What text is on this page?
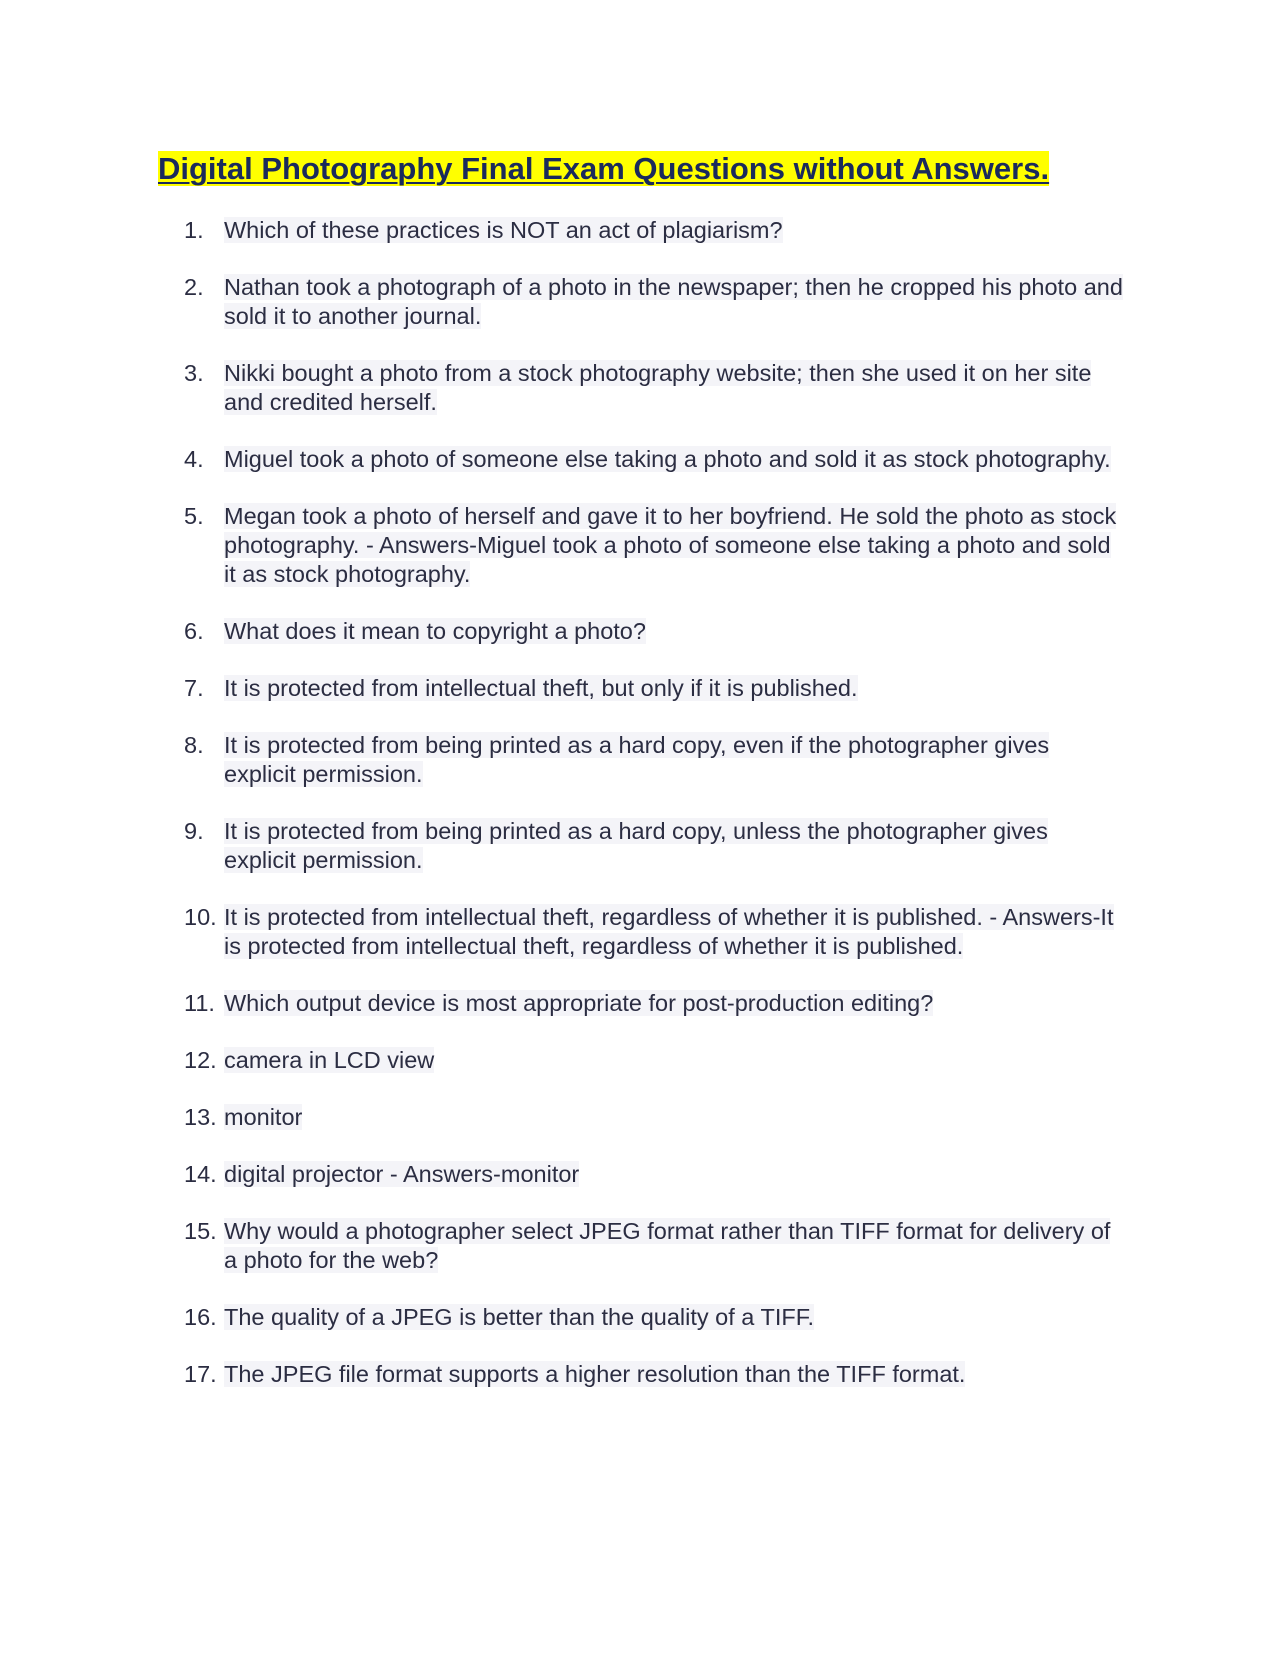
Digital Photography Final Exam Questions without Answers.
1. Which of these practices is NOT an act of plagiarism?
2. Nathan took a photograph of a photo in the newspaper; then he cropped his photo and sold it to another journal.
3. Nikki bought a photo from a stock photography website; then she used it on her site and credited herself.
4. Miguel took a photo of someone else taking a photo and sold it as stock photography.
5. Megan took a photo of herself and gave it to her boyfriend. He sold the photo as stock photography. - Answers-Miguel took a photo of someone else taking a photo and sold it as stock photography.
6. What does it mean to copyright a photo?
7. It is protected from intellectual theft, but only if it is published.
8. It is protected from being printed as a hard copy, even if the photographer gives explicit permission.
9. It is protected from being printed as a hard copy, unless the photographer gives explicit permission.
10. It is protected from intellectual theft, regardless of whether it is published. - Answers-It is protected from intellectual theft, regardless of whether it is published.
11. Which output device is most appropriate for post-production editing?
12. camera in LCD view
13. monitor
14. digital projector - Answers-monitor
15. Why would a photographer select JPEG format rather than TIFF format for delivery of a photo for the web?
16. The quality of a JPEG is better than the quality of a TIFF.
17. The JPEG file format supports a higher resolution than the TIFF format.
